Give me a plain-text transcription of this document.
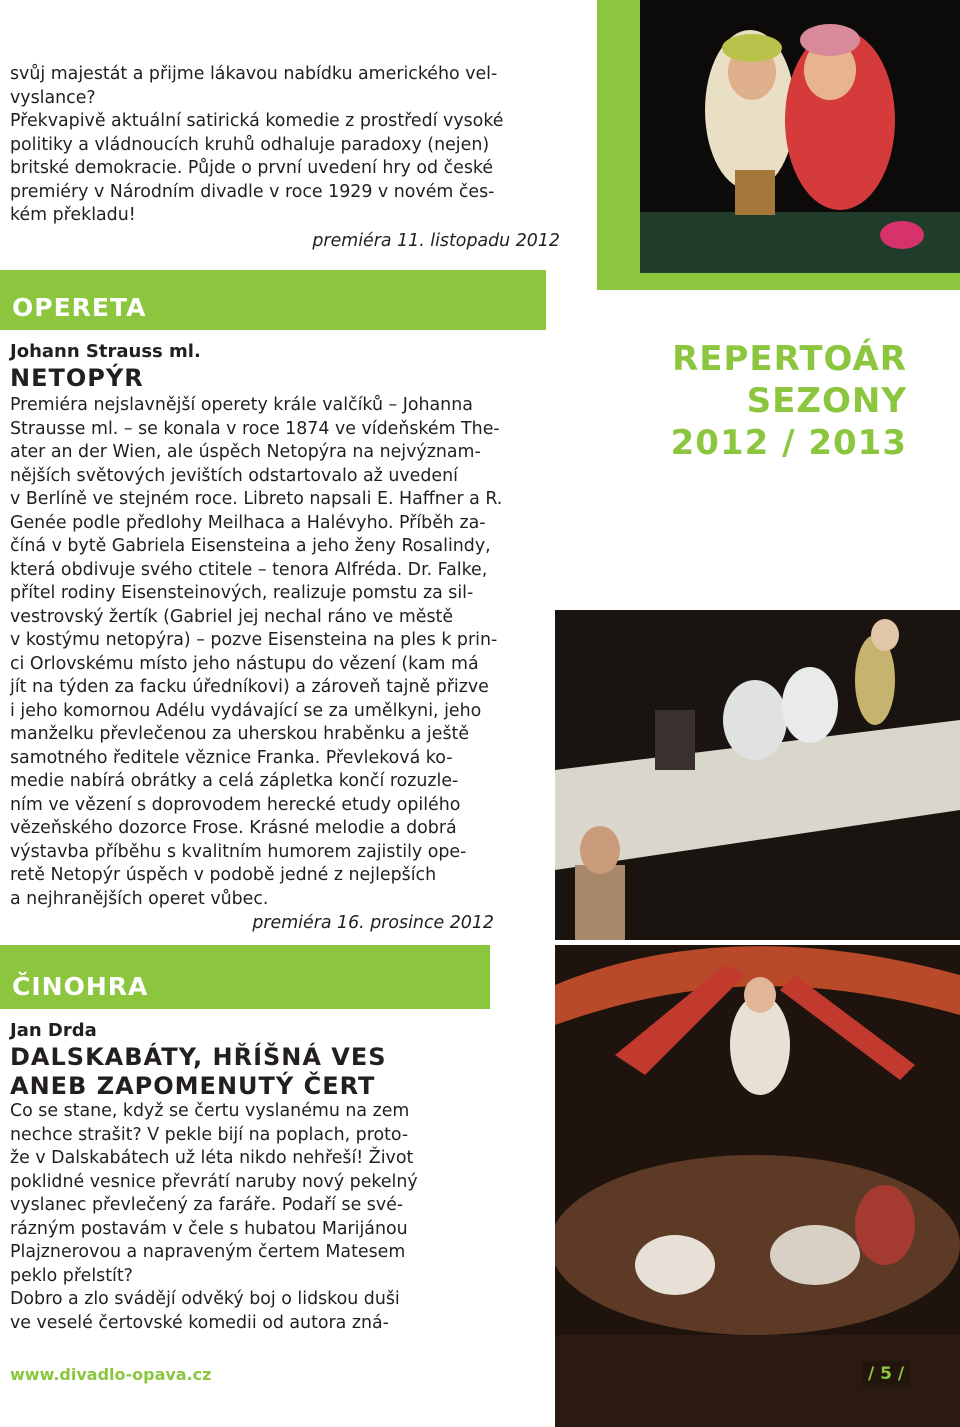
REPERTOÁR
SEZONY
2012 / 2013

svůj majestát a přijme lákavou nabídku amerického vel-

vyslance?

Překvapivě aktuální satirická komedie z prostředí vysoké

politiky a vládnoucích kruhů odhaluje paradoxy (nejen)

britské demokracie. Půjde o první uvedení hry od české

premiéry v Národním divadle v roce 1929 v novém čes-

kém překladu!

premiéra 11. listopadu 2012

OPERETA
Johann Strauss ml.
NETOPÝR

Premiéra nejslavnější operety krále valčíků – Johanna

Strausse ml. – se konala v roce 1874 ve vídeňském The-

ater an der Wien, ale úspěch Netopýra na nejvýznam-

nějších světových jevištích odstartovalo až uvedení

v Berlíně ve stejném roce. Libreto napsali E. Haffner a R.

Genée podle předlohy Meilhaca a Halévyho. Příběh za-

číná v bytě Gabriela Eisensteina a jeho ženy Rosalindy,

která obdivuje svého ctitele – tenora Alfréda. Dr. Falke,

přítel rodiny Eisensteinových, realizuje pomstu za sil-

vestrovský žertík (Gabriel jej nechal ráno ve městě

v kostýmu netopýra) – pozve Eisensteina na ples k prin-

ci Orlovskému místo jeho nástupu do vězení (kam má

jít na týden za facku úředníkovi) a zároveň tajně přizve

i jeho komornou Adélu vydávající se za umělkyni, jeho

manželku převlečenou za uherskou hraběnku a ještě

samotného ředitele věznice Franka. Převleková ko-

medie nabírá obrátky a celá zápletka končí rozuzle-

ním ve vězení s doprovodem herecké etudy opilého

vězeňského dozorce Frose. Krásné melodie a dobrá

výstavba příběhu s kvalitním humorem zajistily ope-

retě Netopýr úspěch v podobě jedné z nejlepších

a nejhranějších operet vůbec.

premiéra 16. prosince 2012

ČINOHRA
Jan Drda
DALSKABÁTY, HŘÍŠNÁ VES
ANEB ZAPOMENUTÝ ČERT

Co se stane, když se čertu vyslanému na zem

nechce strašit? V pekle bijí na poplach, proto-

že v Dalskabátech už léta nikdo nehřeší! Život

poklidné vesnice převrátí naruby nový pekelný

vyslanec převlečený za faráře. Podaří se své-

rázným postavám v čele s hubatou Marijánou

Plajznerovou a napraveným čertem Matesem

peklo přelstít?

Dobro a zlo svádějí odvěký boj o lidskou duši

ve veselé čertovské komedii od autora zná-

www.divadlo-opava.cz	/ 5 /
